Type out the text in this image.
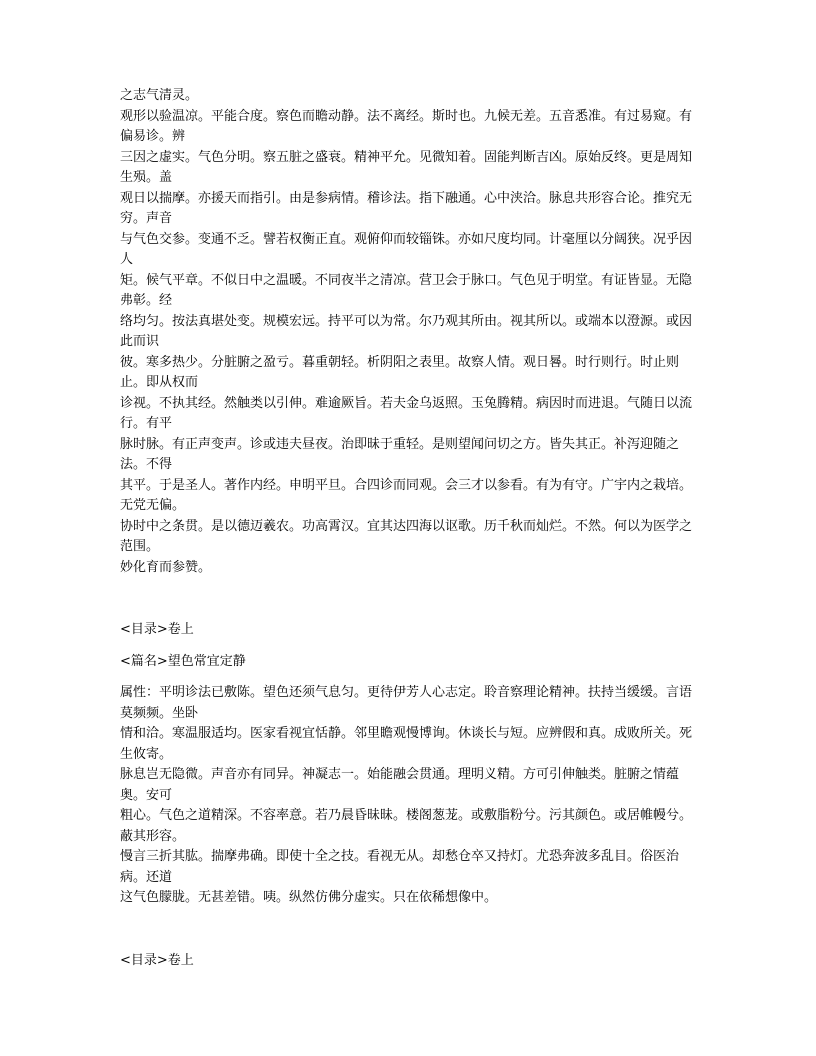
之志气清灵。
观形以验温凉。平能合度。察色而瞻动静。法不离经。斯时也。九候无差。五音悉准。有过易窥。有偏易诊。辨
三因之虚实。气色分明。察五脏之盛衰。精神平允。见微知着。固能判断吉凶。原始反终。更是周知生殒。盖
观日以揣摩。亦援天而指引。由是参病情。稽诊法。指下融通。心中浃洽。脉息共形容合论。推究无穷。声音
与气色交参。变通不乏。譬若权衡正直。观俯仰而较锱铢。亦如尺度均同。计毫厘以分阔狭。况乎因人
矩。候气平章。不似日中之温暖。不同夜半之清凉。营卫会于脉口。气色见于明堂。有证皆显。无隐弗彰。经
络均匀。按法真堪处变。规模宏远。持平可以为常。尔乃观其所由。视其所以。或端本以澄源。或因此而识
彼。寒多热少。分脏腑之盈亏。暮重朝轻。析阴阳之表里。故察人情。观日晷。时行则行。时止则止。即从权而
诊视。不执其经。然触类以引伸。难逾厥旨。若夫金乌返照。玉兔腾精。病因时而进退。气随日以流行。有平
脉时脉。有正声变声。诊或违夫昼夜。治即昧于重轻。是则望闻问切之方。皆失其正。补泻迎随之法。不得
其平。于是圣人。著作内经。申明平旦。合四诊而同观。会三才以参看。有为有守。广宇内之栽培。无党无偏。
协时中之条贯。是以德迈羲农。功高霄汉。宜其达四海以讴歌。历千秋而灿烂。不然。何以为医学之范围。
妙化育而参赞。
<目录>卷上
<篇名>望色常宜定静
属性：平明诊法已敷陈。望色还须气息匀。更待伊芳人心志定。聆音察理论精神。扶持当缓缓。言语莫频频。坐卧
情和洽。寒温服适均。医家看视宜恬静。邻里瞻观慢博询。休谈长与短。应辨假和真。成败所关。死生攸寄。
脉息岂无隐微。声音亦有同异。神凝志一。始能融会贯通。理明义精。方可引伸触类。脏腑之情蕴奥。安可
粗心。气色之道精深。不容率意。若乃晨昏昧昧。楼阁葱茏。或敷脂粉兮。污其颜色。或居帷幔兮。蔽其形容。
慢言三折其肱。揣摩弗确。即使十全之技。看视无从。却愁仓卒又持灯。尤恐奔波多乱目。俗医治病。还道
这气色朦胧。无甚差错。咦。纵然仿佛分虚实。只在依稀想像中。
<目录>卷上
